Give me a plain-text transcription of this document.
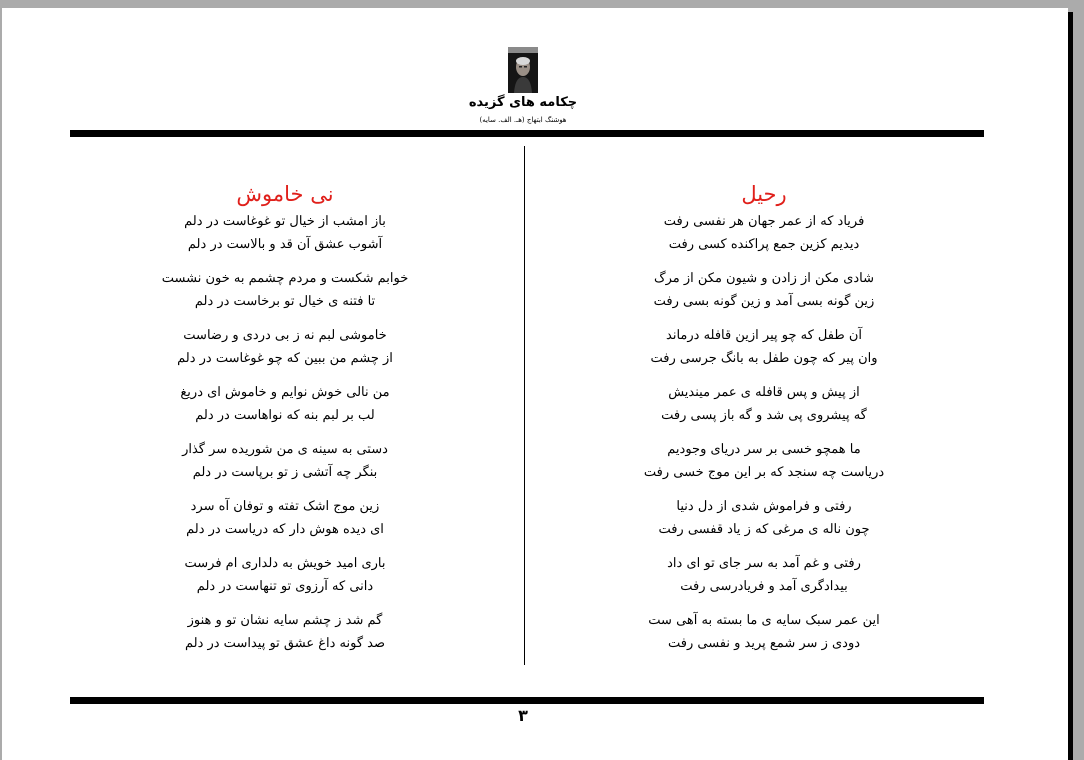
چکامه های گزیده
هوشنگ ابتهاج (هـ. الف. سایه)
۳
رحیل
فریاد که از عمر جهان هر نفسی رفت
دیدیم کزین جمع پراکنده کسی رفت
شادی مکن از زادن و شیون مکن از مرگ
زین گونه بسی آمد و زین گونه بسی رفت
آن طفل که چو پیر ازین قافله درماند
وان پیر که چون طفل به بانگ جرسی رفت
از پیش و پس قافله ی عمر میندیش
گه پیشروی پی شد و گه باز پسی رفت
ما همچو خسی بر سر دریای وجودیم
دریاست چه سنجد که بر این موج خسی رفت
رفتی و فراموش شدی از دل دنیا
چون ناله ی مرغی که ز یاد قفسی رفت
رفتی و غم آمد به سر جای تو ای داد
بیدادگری آمد و فریادرسی رفت
این عمر سبک سایه ی ما بسته به آهی ست
دودی ز سر شمع پرید و نفسی رفت
نی خاموش
باز امشب از خیال تو غوغاست در دلم
آشوب عشق آن قد و بالاست در دلم
خوابم شکست و مردم چشمم به خون نشست
تا فتنه ی خیال تو برخاست در دلم
خاموشی لبم نه ز بی دردی و رضاست
از چشم من ببین که چو غوغاست در دلم
من نالی خوش نوایم و خاموش ای دریغ
لب بر لبم بنه که نواهاست در دلم
دستی به سینه ی من شوریده سر گذار
بنگر چه آتشی ز تو برپاست در دلم
زین موج اشک تفته و توفان آه سرد
ای دیده هوش دار که دریاست در دلم
باری امید خویش به دلداری ام فرست
دانی که آرزوی تو تنهاست در دلم
گم شد ز چشم سایه نشان تو و هنوز
صد گونه داغ عشق تو پیداست در دلم
